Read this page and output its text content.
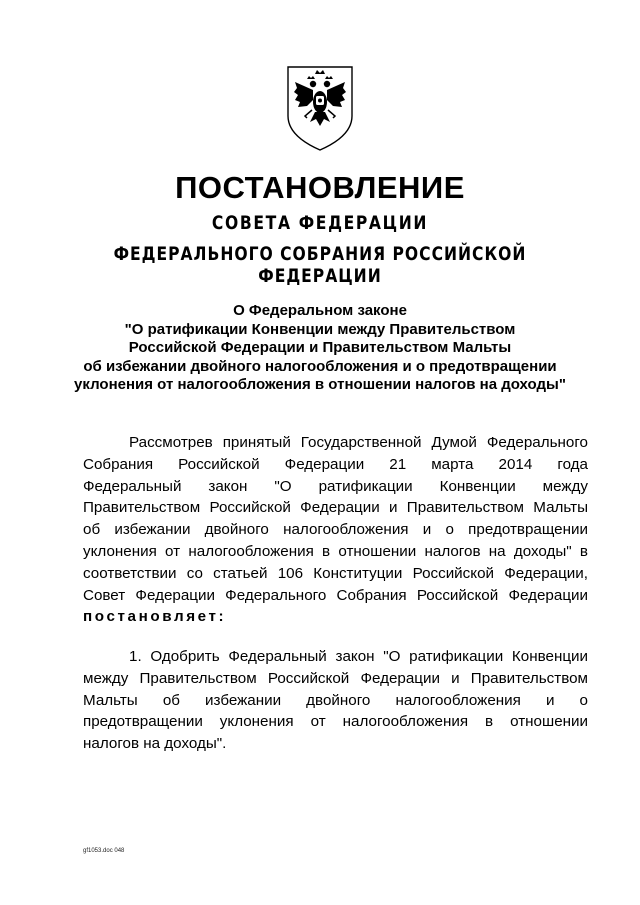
ПОСТАНОВЛЕНИЕ
СОВЕТА ФЕДЕРАЦИИ
ФЕДЕРАЛЬНОГО СОБРАНИЯ РОССИЙСКОЙ ФЕДЕРАЦИИ
О Федеральном законе
"О ратификации Конвенции между Правительством
Российской Федерации и Правительством Мальты
об избежании двойного налогообложения и о предотвращении
уклонения от налогообложения в отношении налогов на доходы"
Рассмотрев принятый Государственной Думой Федерального
Собрания Российской Федерации 21 марта 2014 года
Федеральный закон "О ратификации Конвенции между
Правительством Российской Федерации и Правительством Мальты
об избежании двойного налогообложения и о предотвращении
уклонения от налогообложения в отношении налогов на доходы" в
соответствии со статьей 106 Конституции Российской Федерации,
Совет Федерации Федерального Собрания Российской Федерации
постановляет:
1. Одобрить Федеральный закон "О ратификации Конвенции
между Правительством Российской Федерации и Правительством
Мальты об избежании двойного налогообложения и о
предотвращении уклонения от налогообложения в отношении
налогов на доходы".
gf1053.doc 048
